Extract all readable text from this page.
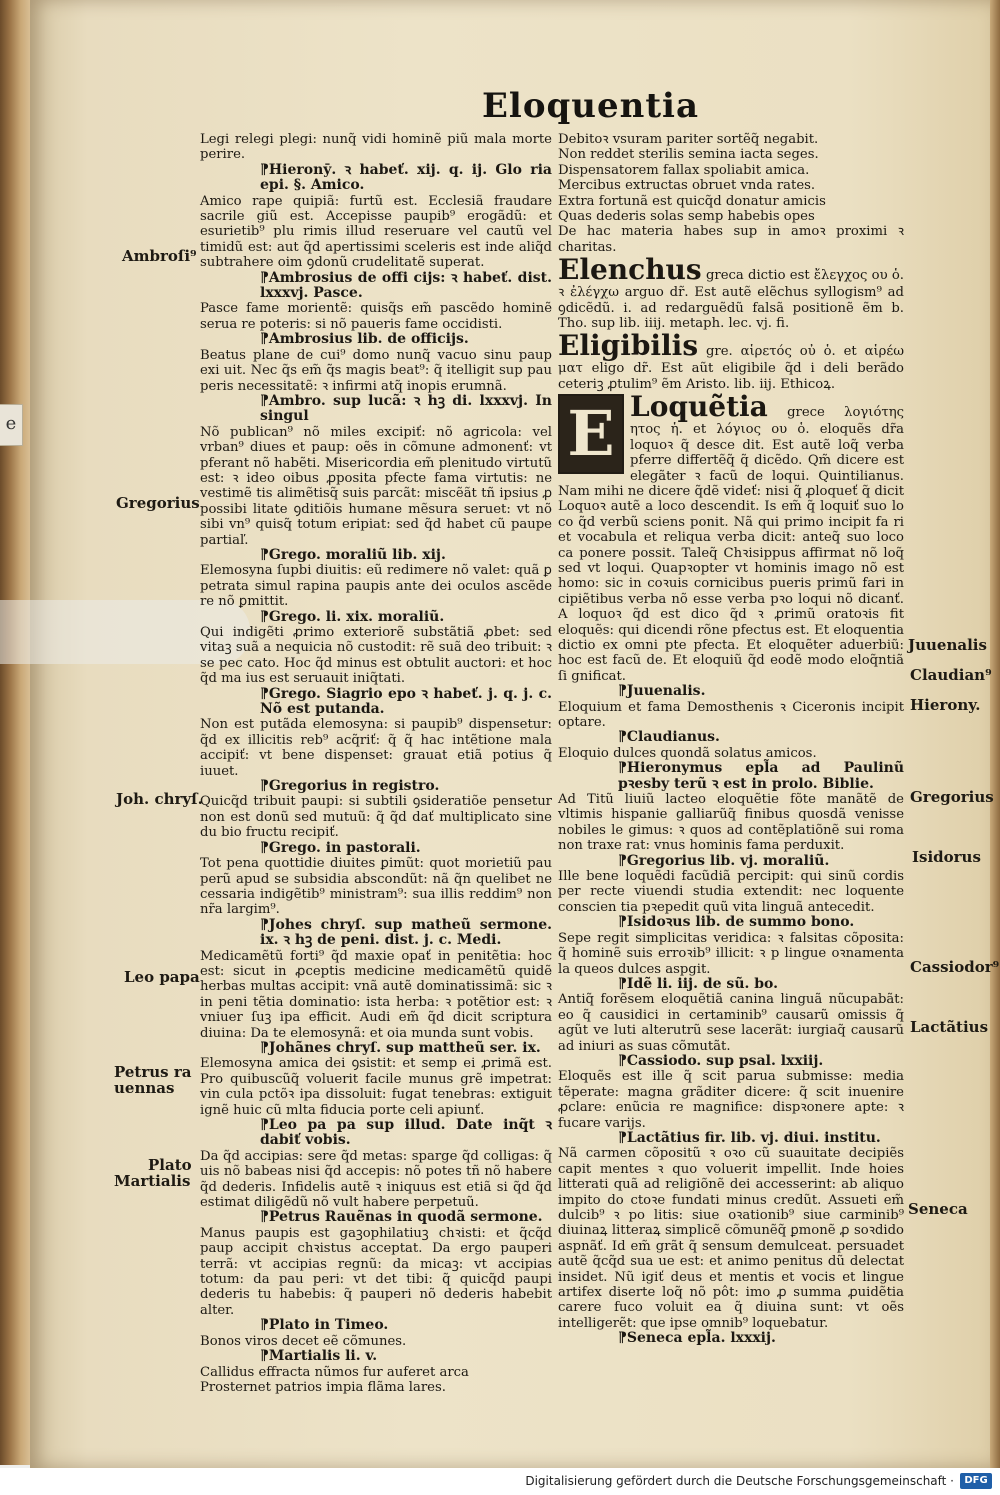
e
Eloquentia

Legi relegi plegi: nunq̃ vidi hominẽ piũ mala morte perire.

⁋Hieronȳ. ꝛ habeť. xij. q. ij. Glo ria epi. §. Amico.

Amico rape quipiã: furtũ est. Ecclesiã fraudare sacrile giũ est. Accepisse paupib⁹ erogãdũ: et esurietib⁹ plu rimis illud reseruare vel cautũ vel timidũ est: aut q̃d apertissimi sceleris est inde aliq̃d subtrahere oim ꝯdonũ crudelitatẽ superat.

⁋Ambrosius de offi cijs: ꝛ habeť. dist. lxxxvj. Pasce.

Pasce fame morientẽ: quisq̃s em̃ pascẽdo hominẽ serua re poteris: si nõ paueris fame occidisti.

⁋Ambrosius lib. de officijs.

Beatus plane de cui⁹ domo nunq̃ vacuo sinu paup exi uit. Nec q̃s em̃ q̃s magis beat⁹: q̃ itelligit sup pau peris necessitatẽ: ꝛ infirmi atq̃ inopis erumnã.

⁋Ambro. sup lucã: ꝛ hꝫ di. lxxxvj. In singul

Nõ publican⁹ nõ miles excipiť: nõ agricola: vel vrban⁹ diues et paup: oẽs in cõmune admonenť: vt pferant nõ habẽti. Misericordia em̃ plenitudo virtutũ est: ꝛ ideo oibus ꝓposita pfecte fama virtutis: ne vestimẽ tis alimẽtisq̃ suis parcãt: miscẽãt tñ ipsius ꝓ possibi litate ꝯditiõis humane mẽsura seruet: vt nõ sibi vn⁹ quisq̃ totum eripiat: sed q̃d habet cũ paupe partiaľ.

⁋Grego. moraliũ lib. xij.

Elemosyna ſupbi diuitis: eũ redimere nõ valet: quã ꝑ petrata simul rapina paupis ante dei oculos ascẽde re nõ ꝑmittit.

⁋Grego. li. xix. moraliũ.

Qui indigẽti ꝓrimo exteriorẽ substãtiã ꝓbet: sed vitaꝫ suã a nequicia nõ custodit: rẽ suã deo tribuit: ꝛ se pec cato. Hoc q̃d minus est obtulit auctori: et hoc q̃d ma ius est seruauit iniq̃tati.

⁋Grego. Siagrio epo ꝛ habeť. j. q. j. c. Nõ est putanda.

Non est putãda elemosyna: si paupib⁹ dispensetur: q̃d ex illicitis reb⁹ acq̃riť: q̃ q̃ hac intẽtione mala accipiť: vt bene dispenset: grauat etiã potius q̃ iuuet.

⁋Gregorius in registro.

Quicq̃d tribuit paupi: si subtili ꝯsideratiõe pensetur non est donũ sed mutuũ: q̃ q̃d dať multiplicato sine du bio fructu recipiť.

⁋Grego. in pastorali.

Tot pena quottidie diuites ꝑimũt: quot morietiũ pau perũ apud se subsidia abscondũt: nã q̃n quelibet ne cessaria indigẽtib⁹ ministram⁹: sua illis reddim⁹ non nr̃a largim⁹.

⁋Johes chryſ. sup matheũ sermone. ix. ꝛ hꝫ de peni. dist. j. c. Medi.

Medicamẽtũ forti⁹ q̃d maxie opať in penitẽtia: hoc est: sicut in ꝓceptis medicine medicamẽtũ quidẽ herbas multas accipit: vnã autẽ dominatissimã: sic ꝛ in peni tẽtia dominatio: ista herba: ꝛ potẽtior est: ꝛ vniuer ſuꝫ ipa efficit. Audi em̃ q̃d dicit scriptura diuina: Da te elemosynã: et oia munda sunt vobis.

⁋Johãnes chryſ. sup mattheũ ser. ix.

Elemosyna amica dei ꝯsistit: et semp ei ꝓrimã est. Pro quibuscũq̃ voluerit facile munus grẽ impetrat: vin cula pctõꝛ ipa dissoluit: fugat tenebras: extiguit ignẽ huic cũ mlta fiducia porte celi apiunť.

⁋Leo pa pa sup illud. Date inq̃t ꝛ dabiť vobis.

Da q̃d accipias: sere q̃d metas: sparge q̃d colligas: q̃ uis nõ babeas nisi q̃d accepis: nõ potes tñ nõ habere q̃d dederis. Infidelis autẽ ꝛ iniquus est etiã si q̃d q̃d estimat diligẽdũ nõ vult habere perpetuũ.

⁋Petrus Rauẽnas in quodã sermone.

Manus paupis est gaꝫophilatiuꝫ chꝛisti: et q̃cq̃d paup accipit chꝛistus acceptat. Da ergo pauperi terrã: vt accipias regnũ: da micaꝫ: vt accipias totum: da pau peri: vt det tibi: q̃ quicq̃d paupi dederis tu habebis: q̃ pauperi nõ dederis habebit alter.

⁋Plato in Timeo.

Bonos viros decet eẽ cõmunes.

⁋Martialis li. v.

Callidus effracta nũmos fur auferet arca

Prosternet patrios impia flãma lares.

Debitoꝛ vsuram pariter sortẽq̃ negabit.

Non reddet sterilis semina iacta seges.

Dispensatorem fallax spoliabit amica.

Mercibus extructas obruet vnda rates.

Extra fortunã est quicq̃d donatur amicis

Quas dederis solas semp habebis opes

De hac materia habes sup in amoꝛ proximi ꝛ charitas.

Elenchus greca dictio est ἔλεγχος ου ὁ. ꝛ ἐλέγχω arguo dr̃. Est autẽ elẽchus syllogism⁹ ad ꝯdicẽdũ. i. ad redarguẽdũ falsã positionẽ ẽm b. Tho. sup lib. iiij. metaph. lec. vj. fi.

Eligibilis gre. αἱρετός οὐ ὁ. et αἱρέω ματ eligo dr̃. Est aũt eligibile q̃d i deli berãdo ceteriꝫ ꝓtulim⁹ ẽm Aristo. lib. iij. Ethicoꝝ.

E Loquẽtia grece λογιότης ητος ἡ. et λόγιος ου ὁ. eloquẽs dr̃a loquoꝛ q̃ desce dit. Est autẽ loq̃ verba pferre differtẽq̃ q̃ dicẽdo. Qm̃ dicere est elegãter ꝛ facũ de loqui. Quintilianus. Nam mihi ne dicere q̃dẽ videť: nisi q̃ ꝓloqueť q̃ dicit Loquoꝛ autẽ a loco descendit. Is em̃ q̃ loquiť suo lo co q̃d verbũ sciens ponit. Nã qui primo incipit fa ri et vocabula et reliqua verba dicit: anteq̃ suo loco ca ponere possit. Taleq̃ Chꝛisippus affirmat nõ loq̃ sed vt loqui. Quapꝛopter vt hominis imago nõ est homo: sic in coꝛuis cornicibus pueris primũ fari in cipiẽtibus verba nõ esse verba pꝛo loqui nõ dicanť. A loquoꝛ q̃d est dico q̃d ꝛ ꝓrimũ oratoꝛis fit eloquẽs: qui dicendi rõne pfectus est. Et eloquentia dictio ex omni pte pfecta. Et eloquẽter aduerbiũ: hoc est facũ de. Et eloquiũ q̃d eodẽ modo eloq̃ntiã ſi gnificat.

⁋Juuenalis.

Eloquium et fama Demosthenis ꝛ Ciceronis incipit optare.

⁋Claudianus.

Eloquio dulces quondã solatus amicos.

⁋Hieronymus epl̃a ad Paulinũ pꝛesby terũ ꝛ est in prolo. Biblie.

Ad Titũ liuiũ lacteo eloquẽtie fõte manãtẽ de vltimis hispanie galliarũq̃ finibus quosdã venisse nobiles le gimus: ꝛ quos ad contẽplatiõnẽ sui roma non traxe rat: vnus hominis fama perduxit.

⁋Gregorius lib. vj. moraliũ.

Ille bene loquẽdi facũdiã percipit: qui sinũ cordis per recte viuendi studia extendit: nec loquente conscien tia pꝛepedit quũ vita linguã antecedit.

⁋Isidoꝛus lib. de summo bono.

Sepe regit simplicitas veridica: ꝛ falsitas cõposita: q̃ hominẽ suis erroꝛib⁹ illicit: ꝛ p lingue oꝛnamenta la queos dulces aspgit.

⁋Idẽ li. iij. de sũ. bo.

Antiq̃ forẽsem eloquẽtiã canina linguã nũcupabãt: eo q̃ causidici in certaminib⁹ causarũ omissis q̃ agũt ve luti alterutrũ sese lacerãt: iurgiaq̃ causarũ ad iniuri as suas cõmutãt.

⁋Cassiodo. sup psal. lxxiij.

Eloquẽs est ille q̃ scit parua submisse: media tẽperate: magna grãditer dicere: q̃ scit inuenire ꝓclare: enũcia re magnifice: dispꝛonere apte: ꝛ fucare varijs.

⁋Lactãtius fir. lib. vj. diui. institu.

Nã carmen cõpositũ ꝛ oꝛo cũ suauitate decipiẽs capit mentes ꝛ quo voluerit impellit. Inde hoies litterati quã ad religiõnẽ dei accesserint: ab aliquo impito do ctoꝛe fundati minus credũt. Assueti em̃ dulcib⁹ ꝛ po litis: siue oꝛationib⁹ siue carminib⁹ diuinaꝝ litteraꝝ simplicẽ cõmunẽq̃ ꝑmonẽ ꝓ soꝛdido aspnãť. Id em̃ grãt q̃ sensum demulceat. persuadet autẽ q̃cq̃d sua ue est: et animo penitus dũ delectat insidet. Nũ igiť deus et mentis et vocis et lingue artifex diserte loq̃ nõ pôt: imo ꝓ summa ꝓuidẽtia carere fuco voluit ea q̃ diuina sunt: vt oẽs intelligerẽt: que ipse omnib⁹ loquebatur.

⁋Seneca epl̃a. lxxxij.

Ambroſi⁹
Gregorius
Joh. chryſ.
Leo papa
Petrus ra uennas
Plato
Martialis
Juuenalis
Claudian⁹
Hierony.
Gregorius
Isidorus
Cassiodor⁹
Lactãtius
Seneca
Digitalisierung gefördert durch die Deutsche Forschungsgemeinschaft ·	DFG
